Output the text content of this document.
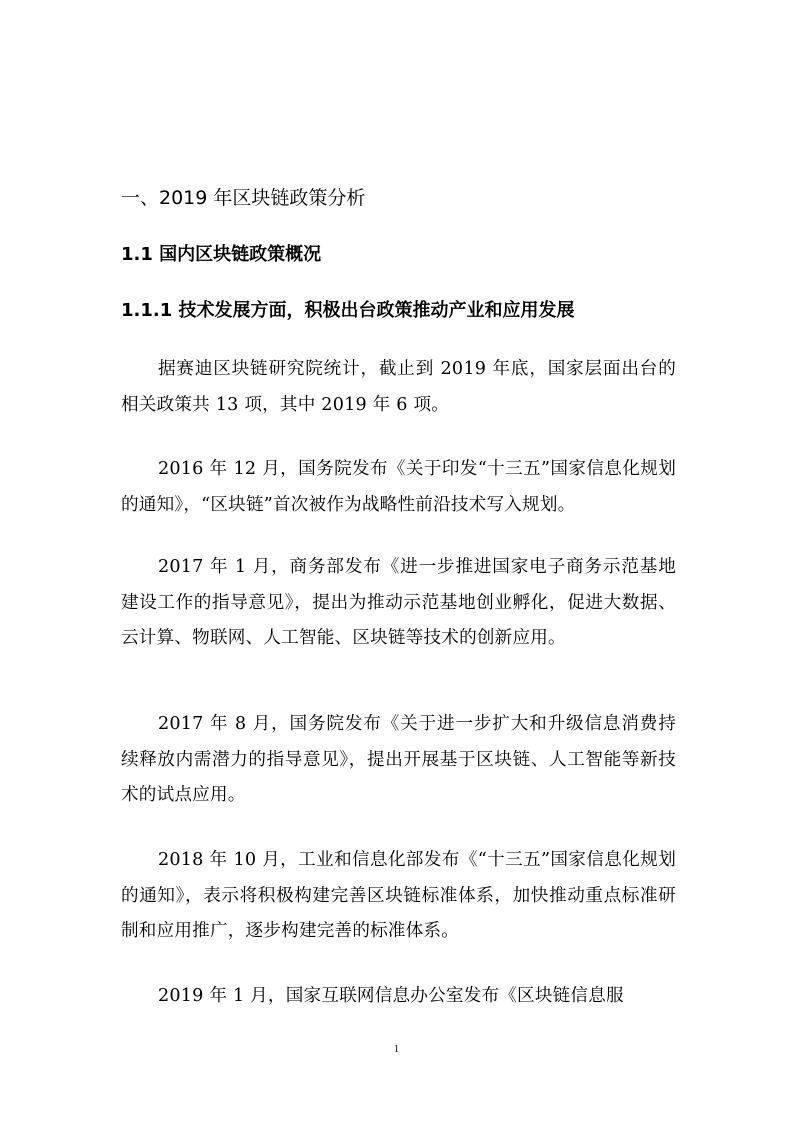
一、2019 年区块链政策分析
1.1 国内区块链政策概况
1.1.1 技术发展方面，积极出台政策推动产业和应用发展

据赛迪区块链研究院统计，截止到 2019 年底，国家层面出台的相关政策共 13 项，其中 2019 年 6 项。

2016 年 12 月，国务院发布《关于印发“十三五”国家信息化规划的通知》，“区块链”首次被作为战略性前沿技术写入规划。

2017 年 1 月，商务部发布《进一步推进国家电子商务示范基地建设工作的指导意见》，提出为推动示范基地创业孵化，促进大数据、云计算、物联网、人工智能、区块链等技术的创新应用。

2017 年 8 月，国务院发布《关于进一步扩大和升级信息消费持续释放内需潜力的指导意见》，提出开展基于区块链、人工智能等新技术的试点应用。

2018 年 10 月，工业和信息化部发布《“十三五”国家信息化规划的通知》，表示将积极构建完善区块链标准体系，加快推动重点标准研制和应用推广，逐步构建完善的标准体系。

2019 年 1 月，国家互联网信息办公室发布《区块链信息服

1
